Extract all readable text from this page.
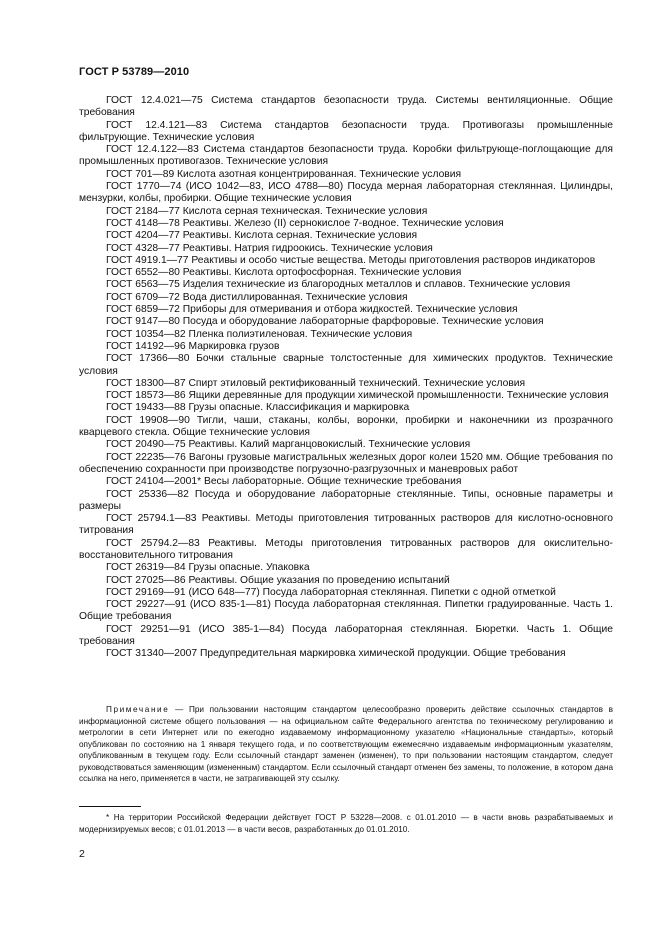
ГОСТ Р 53789—2010

ГОСТ 12.4.021—75 Система стандартов безопасности труда. Системы вентиляционные. Общие требования

ГОСТ 12.4.121—83 Система стандартов безопасности труда. Противогазы промышленные фильтрующие. Технические условия

ГОСТ 12.4.122—83 Система стандартов безопасности труда. Коробки фильтрующе-поглощающие для промышленных противогазов. Технические условия

ГОСТ 701—89 Кислота азотная концентрированная. Технические условия

ГОСТ 1770—74 (ИСО 1042—83, ИСО 4788—80) Посуда мерная лабораторная стеклянная. Цилиндры, мензурки, колбы, пробирки. Общие технические условия

ГОСТ 2184—77 Кислота серная техническая. Технические условия

ГОСТ 4148—78 Реактивы. Железо (II) сернокислое 7-водное. Технические условия

ГОСТ 4204—77 Реактивы. Кислота серная. Технические условия

ГОСТ 4328—77 Реактивы. Натрия гидроокись. Технические условия

ГОСТ 4919.1—77 Реактивы и особо чистые вещества. Методы приготовления растворов индикаторов

ГОСТ 6552—80 Реактивы. Кислота ортофосфорная. Технические условия

ГОСТ 6563—75 Изделия технические из благородных металлов и сплавов. Технические условия

ГОСТ 6709—72 Вода дистиллированная. Технические условия

ГОСТ 6859—72 Приборы для отмеривания и отбора жидкостей. Технические условия

ГОСТ 9147—80 Посуда и оборудование лабораторные фарфоровые. Технические условия

ГОСТ 10354—82 Пленка полиэтиленовая. Технические условия

ГОСТ 14192—96 Маркировка грузов

ГОСТ 17366—80 Бочки стальные сварные толстостенные для химических продуктов. Технические условия

ГОСТ 18300—87 Спирт этиловый ректификованный технический. Технические условия

ГОСТ 18573—86 Ящики деревянные для продукции химической промышленности. Технические условия

ГОСТ 19433—88 Грузы опасные. Классификация и маркировка

ГОСТ 19908—90 Тигли, чаши, стаканы, колбы, воронки, пробирки и наконечники из прозрачного кварцевого стекла. Общие технические условия

ГОСТ 20490—75 Реактивы. Калий марганцовокислый. Технические условия

ГОСТ 22235—76 Вагоны грузовые магистральных железных дорог колеи 1520 мм. Общие требования по обеспечению сохранности при производстве погрузочно-разгрузочных и маневровых работ

ГОСТ 24104—2001* Весы лабораторные. Общие технические требования

ГОСТ 25336—82 Посуда и оборудование лабораторные стеклянные. Типы, основные параметры и размеры

ГОСТ 25794.1—83 Реактивы. Методы приготовления титрованных растворов для кислотно-основного титрования

ГОСТ 25794.2—83 Реактивы. Методы приготовления титрованных растворов для окислительно-восстановительного титрования

ГОСТ 26319—84 Грузы опасные. Упаковка

ГОСТ 27025—86 Реактивы. Общие указания по проведению испытаний

ГОСТ 29169—91 (ИСО 648—77) Посуда лабораторная стеклянная. Пипетки с одной отметкой

ГОСТ 29227—91 (ИСО 835-1—81) Посуда лабораторная стеклянная. Пипетки градуированные. Часть 1. Общие требования

ГОСТ 29251—91 (ИСО 385-1—84) Посуда лабораторная стеклянная. Бюретки. Часть 1. Общие требования

ГОСТ 31340—2007 Предупредительная маркировка химической продукции. Общие требования

Примечание — При пользовании настоящим стандартом целесообразно проверить действие ссылочных стандартов в информационной системе общего пользования — на официальном сайте Федерального агентства по техническому регулированию и метрологии в сети Интернет или по ежегодно издаваемому информационному указателю «Национальные стандарты», который опубликован по состоянию на 1 января текущего года, и по соответствующим ежемесячно издаваемым информационным указателям, опубликованным в текущем году. Если ссылочный стандарт заменен (изменен), то при пользовании настоящим стандартом, следует руководствоваться заменяющим (измененным) стандартом. Если ссылочный стандарт отменен без замены, то положение, в котором дана ссылка на него, применяется в части, не затрагивающей эту ссылку.
* На территории Российской Федерации действует ГОСТ Р 53228—2008. с 01.01.2010 — в части вновь разрабатываемых и модернизируемых весов; с 01.01.2013 — в части весов, разработанных до 01.01.2010.
2
